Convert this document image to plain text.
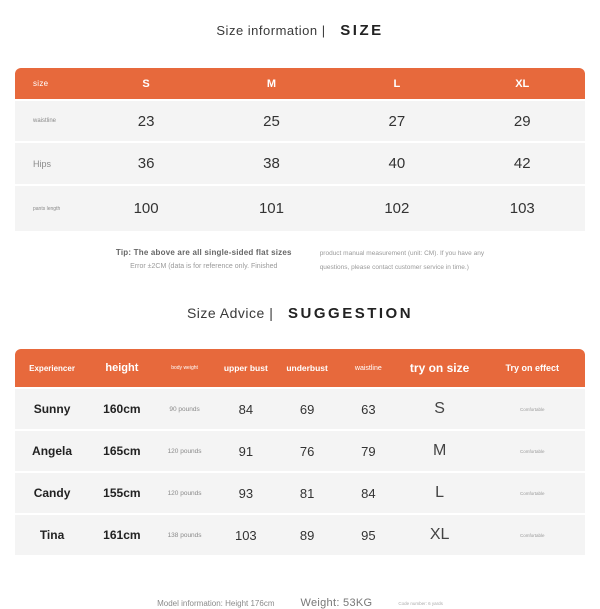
Size information | SIZE
size	S	M	L	XL
waistline	23	25	27	29
Hips	36	38	40	42
pants length	100	101	102	103
Tip: The above are all single-sided flat sizes
Error ±2CM (data is for reference only. Finished
product manual measurement (unit: CM). If you have any
questions, please contact customer service in time.)
Size Advice | SUGGESTION
Experiencer	height	body weight	upper bust	underbust	waistline	try on size	Try on effect
Sunny	160cm	90 pounds	84	69	63	S	Comfortable
Angela	165cm	120 pounds	91	76	79	M	Comfortable
Candy	155cm	120 pounds	93	81	84	L	Comfortable
Tina	161cm	138 pounds	103	89	95	XL	Comfortable
Model information: Height 176cm Weight: 53KG	Code number: 6 yards
